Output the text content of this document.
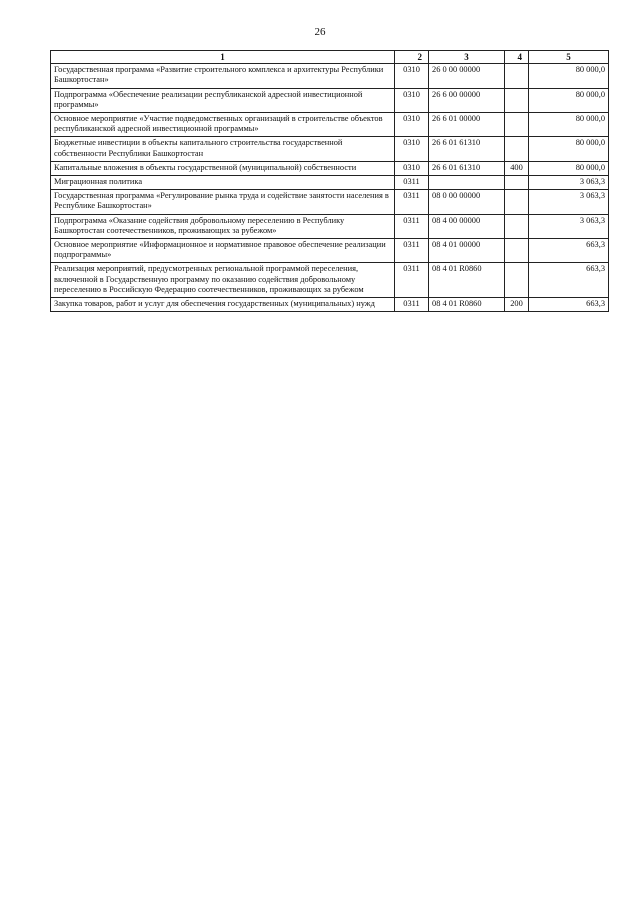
26
1	2	3	4	5
Государственная программа «Развитие строительного комплекса и архитектуры Республики Башкортостан»	0310	26 0 00 00000		80 000,0
Подпрограмма «Обеспечение реализации республиканской адресной инвестиционной программы»	0310	26 6 00 00000		80 000,0
Основное мероприятие «Участие подведомственных организаций в строительстве объектов республиканской адресной инвестиционной программы»	0310	26 6 01 00000		80 000,0
Бюджетные инвестиции в объекты капитального строительства государственной собственности Республики Башкортостан	0310	26 6 01 61310		80 000,0
Капитальные вложения в объекты государственной (муниципальной) собственности	0310	26 6 01 61310	400	80 000,0
Миграционная политика	0311			3 063,3
Государственная программа «Регулирование рынка труда и содействие занятости населения в Республике Башкортостан»	0311	08 0 00 00000		3 063,3
Подпрограмма «Оказание содействия добровольному переселению в Республику Башкортостан соотечественников, проживающих за рубежом»	0311	08 4 00 00000		3 063,3
Основное мероприятие «Информационное и нормативное правовое обеспечение реализации подпрограммы»	0311	08 4 01 00000		663,3
Реализация мероприятий, предусмотренных региональной программой переселения, включенной в Государственную программу по оказанию содействия добровольному переселению в Российскую Федерацию соотечественников, проживающих за рубежом	0311	08 4 01 R0860		663,3
Закупка товаров, работ и услуг для обеспечения государственных (муниципальных) нужд	0311	08 4 01 R0860	200	663,3
